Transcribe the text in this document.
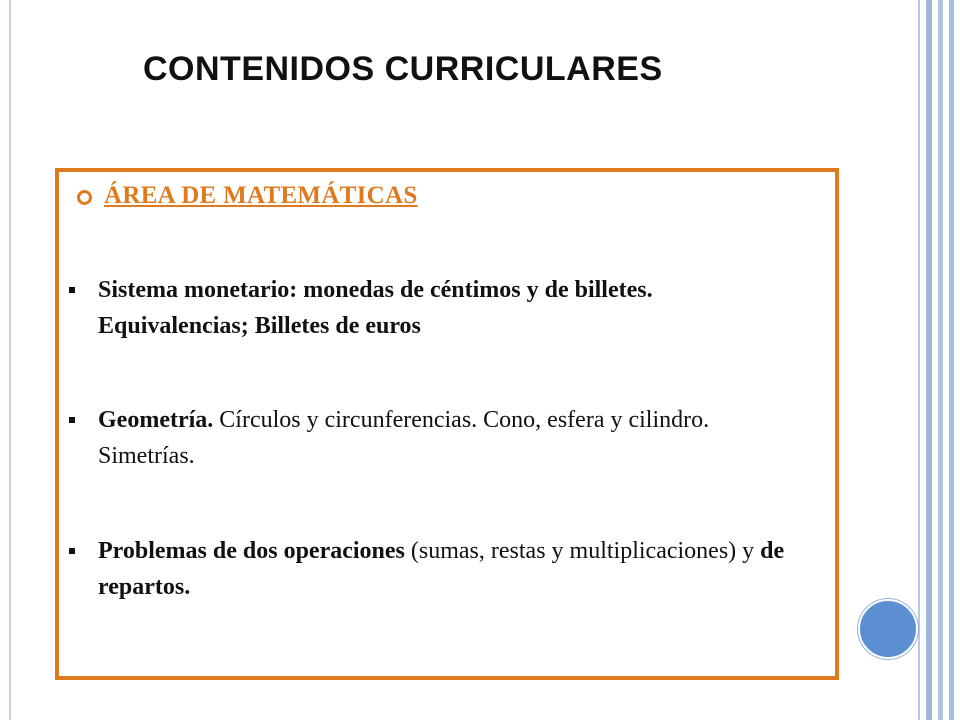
CONTENIDOS CURRICULARES
ÁREA DE MATEMÁTICAS
Sistema monetario: monedas de céntimos y de billetes. Equivalencias; Billetes de euros
Geometría. Círculos y circunferencias. Cono, esfera y cilindro. Simetrías.
Problemas de dos operaciones (sumas, restas y multiplicaciones) y de repartos.
